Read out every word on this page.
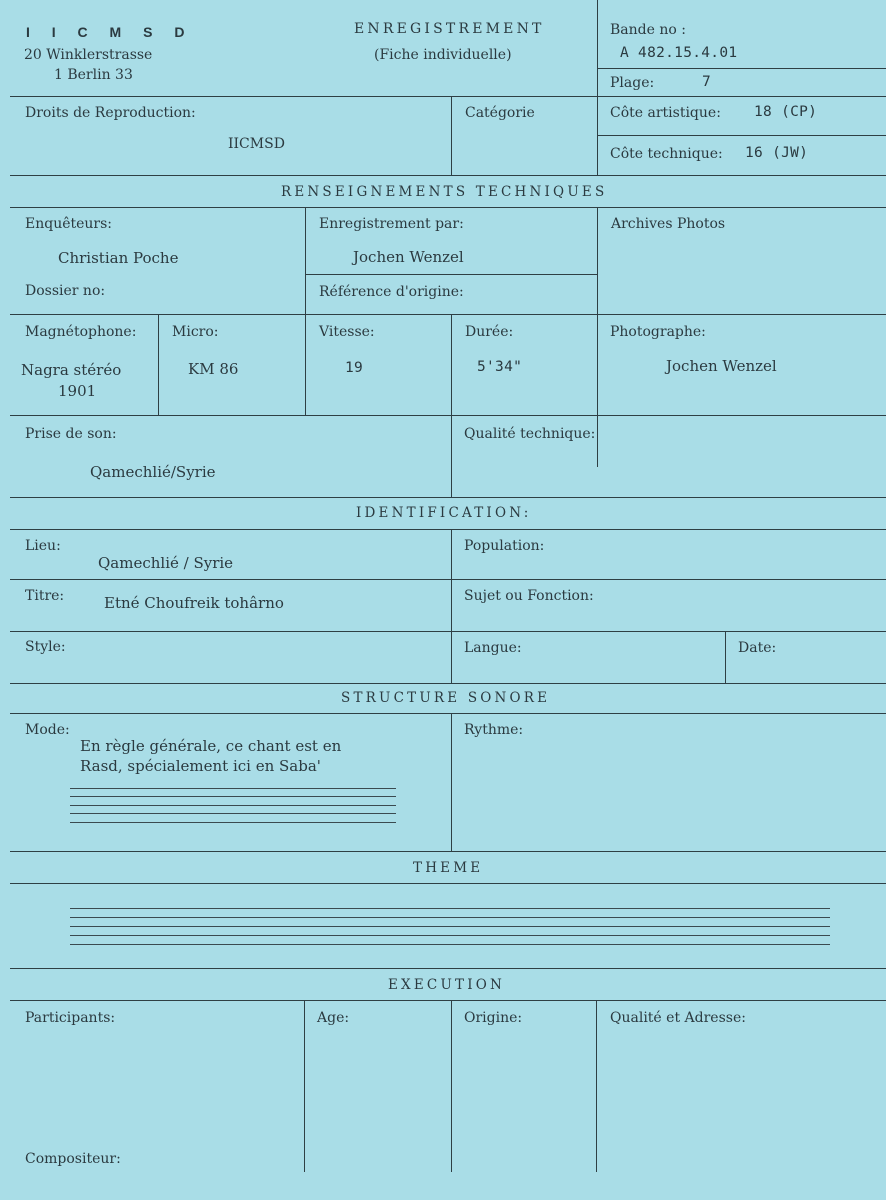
I I C M S D
20 Winklerstrasse
1 Berlin 33
ENREGISTREMENT
(Fiche individuelle)
Bande no :
A 482.15.4.01
Plage:	7
Droits de Reproduction:
IICMSD
Catégorie	Côte artistique: 18 (CP)
Côte technique: 16 (JW)
RENSEIGNEMENTS TECHNIQUES
Enquêteurs:
Christian Poche
Dossier no:
Enregistrement par:
Jochen Wenzel
Référence d'origine:
Archives Photos
Magnétophone:
Nagra stéréo
1901
Micro:
KM 86
Vitesse:
19
Durée:
5'34"
Photographe:
Jochen Wenzel
Prise de son:
Qamechlié/Syrie
Qualité technique:
IDENTIFICATION:
Lieu:
Qamechlié / Syrie
Population:
Titre:	Etné Choufreik tohârno	Sujet ou Fonction:
Style:	Langue:	Date:
STRUCTURE SONORE
Mode:
En règle générale, ce chant est en
Rasd, spécialement ici en Saba'
Rythme:
THEME
EXECUTION
Participants:	Age:	Origine:	Qualité et Adresse:
Compositeur:
